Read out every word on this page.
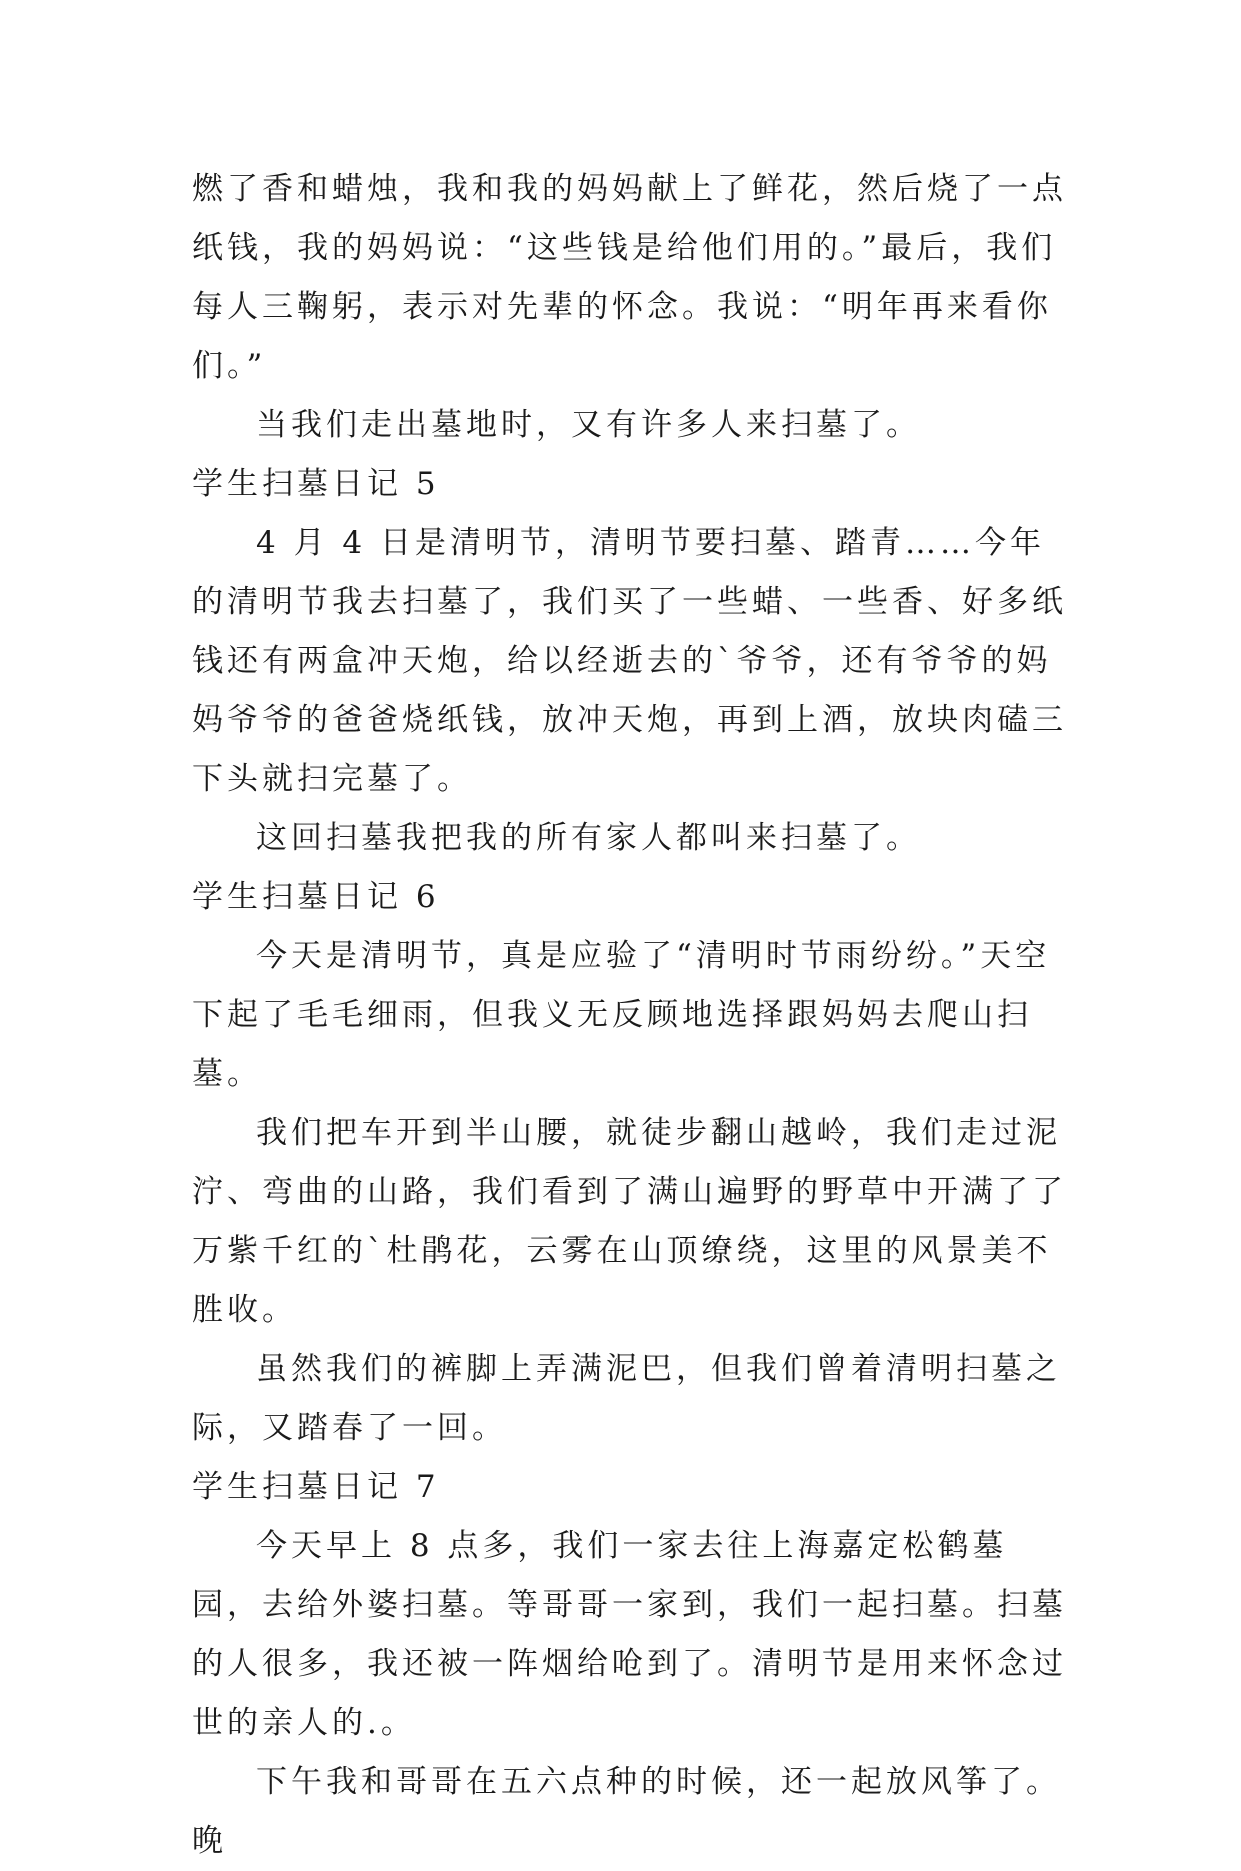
燃了香和蜡烛，我和我的妈妈献上了鲜花，然后烧了一点纸钱，我的妈妈说：“这些钱是给他们用的。”最后，我们每人三鞠躬，表示对先辈的怀念。我说：“明年再来看你们。”

当我们走出墓地时，又有许多人来扫墓了。

学生扫墓日记 5

4 月 4 日是清明节，清明节要扫墓、踏青……今年的清明节我去扫墓了，我们买了一些蜡、一些香、好多纸钱还有两盒冲天炮，给以经逝去的`爷爷，还有爷爷的妈妈爷爷的爸爸烧纸钱，放冲天炮，再到上酒，放块肉磕三下头就扫完墓了。

这回扫墓我把我的所有家人都叫来扫墓了。

学生扫墓日记 6

今天是清明节，真是应验了“清明时节雨纷纷。”天空下起了毛毛细雨，但我义无反顾地选择跟妈妈去爬山扫墓。

我们把车开到半山腰，就徒步翻山越岭，我们走过泥泞、弯曲的山路，我们看到了满山遍野的野草中开满了了万紫千红的`杜鹃花，云雾在山顶缭绕，这里的风景美不胜收。

虽然我们的裤脚上弄满泥巴，但我们曾着清明扫墓之际，又踏春了一回。

学生扫墓日记 7

今天早上 8 点多，我们一家去往上海嘉定松鹤墓园，去给外婆扫墓。等哥哥一家到，我们一起扫墓。扫墓的人很多，我还被一阵烟给呛到了。清明节是用来怀念过世的亲人的.。

下午我和哥哥在五六点种的时候，还一起放风筝了。晚
